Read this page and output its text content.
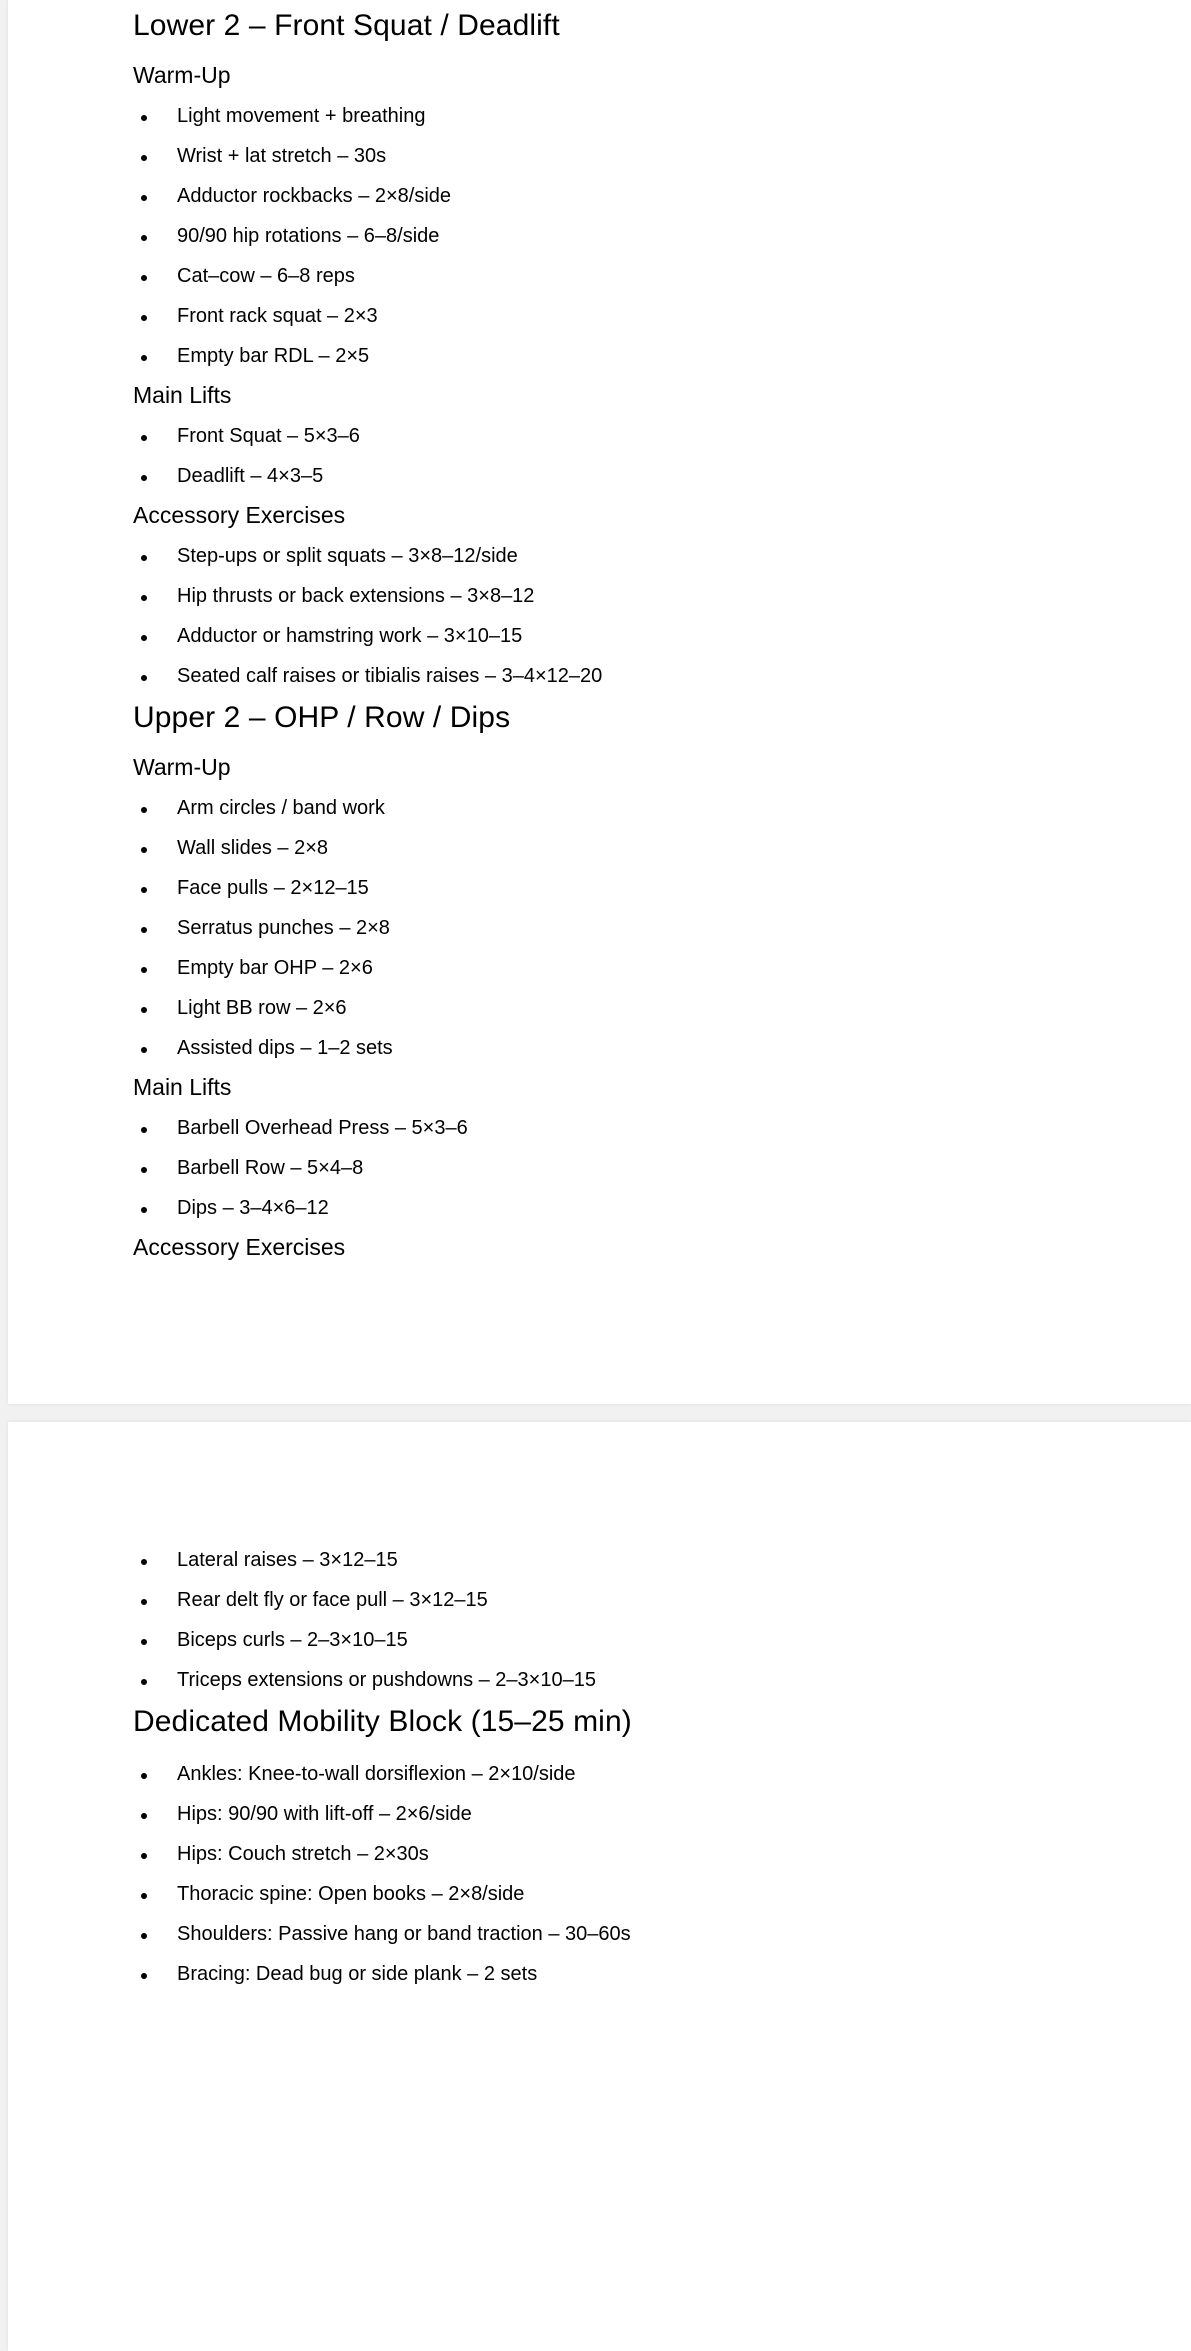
Lower 2 – Front Squat / Deadlift
Warm-Up
Light movement + breathing
Wrist + lat stretch – 30s
Adductor rockbacks – 2×8/side
90/90 hip rotations – 6–8/side
Cat–cow – 6–8 reps
Front rack squat – 2×3
Empty bar RDL – 2×5
Main Lifts
Front Squat – 5×3–6
Deadlift – 4×3–5
Accessory Exercises
Step-ups or split squats – 3×8–12/side
Hip thrusts or back extensions – 3×8–12
Adductor or hamstring work – 3×10–15
Seated calf raises or tibialis raises – 3–4×12–20
Upper 2 – OHP / Row / Dips
Warm-Up
Arm circles / band work
Wall slides – 2×8
Face pulls – 2×12–15
Serratus punches – 2×8
Empty bar OHP – 2×6
Light BB row – 2×6
Assisted dips – 1–2 sets
Main Lifts
Barbell Overhead Press – 5×3–6
Barbell Row – 5×4–8
Dips – 3–4×6–12
Accessory Exercises
Lateral raises – 3×12–15
Rear delt fly or face pull – 3×12–15
Biceps curls – 2–3×10–15
Triceps extensions or pushdowns – 2–3×10–15
Dedicated Mobility Block (15–25 min)
Ankles: Knee-to-wall dorsiflexion – 2×10/side
Hips: 90/90 with lift-off – 2×6/side
Hips: Couch stretch – 2×30s
Thoracic spine: Open books – 2×8/side
Shoulders: Passive hang or band traction – 30–60s
Bracing: Dead bug or side plank – 2 sets
